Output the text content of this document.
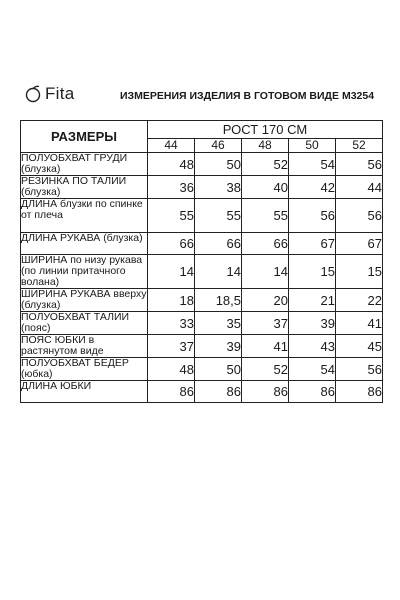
Fita	ИЗМЕРЕНИЯ ИЗДЕЛИЯ В ГОТОВОМ ВИДЕ М3254
РАЗМЕРЫ	РОСТ 170 СМ				
	44	46	48	50	52
ПОЛУОБХВАТ ГРУДИ (блузка)	48	50	52	54	56
РЕЗИНКА ПО ТАЛИИ (блузка)	36	38	40	42	44
ДЛИНА блузки по спинке от плеча	55	55	55	56	56
ДЛИНА РУКАВА (блузка)	66	66	66	67	67
ШИРИНА по низу рукава (по линии притачного волана)	14	14	14	15	15
ШИРИНА РУКАВА вверху (блузка)	18	18,5	20	21	22
ПОЛУОБХВАТ ТАЛИИ (пояс)	33	35	37	39	41
ПОЯС ЮБКИ в растянутом виде	37	39	41	43	45
ПОЛУОБХВАТ БЕДЕР (юбка)	48	50	52	54	56
ДЛИНА ЮБКИ	86	86	86	86	86
